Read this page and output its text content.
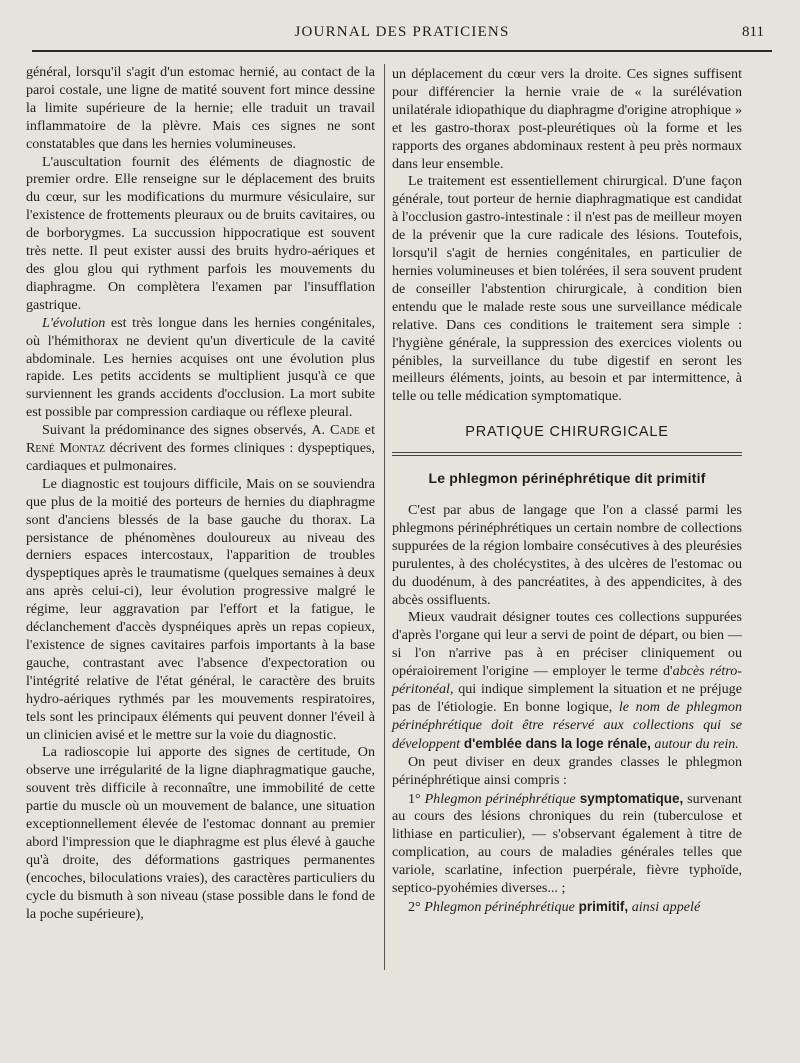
JOURNAL DES PRATICIENS	811

général, lorsqu'il s'agit d'un estomac hernié, au contact de la paroi costale, une ligne de matité souvent fort mince dessine la limite supérieure de la hernie; elle traduit un travail inflammatoire de la plèvre. Mais ces signes ne sont constatables que dans les hernies volumineuses.

L'auscultation fournit des éléments de diagnostic de premier ordre. Elle renseigne sur le déplacement des bruits du cœur, sur les modifications du murmure vésiculaire, sur l'existence de frottements pleuraux ou de bruits cavitaires, ou de borborygmes. La succussion hippocratique est souvent très nette. Il peut exister aussi des bruits hydro-aériques et des glou glou qui rythment parfois les mouvements du diaphragme. On complètera l'examen par l'insufflation gastrique.

L'évolution est très longue dans les hernies congénitales, où l'hémithorax ne devient qu'un diverticule de la cavité abdominale. Les hernies acquises ont une évolution plus rapide. Les petits accidents se multiplient jusqu'à ce que surviennent les grands accidents d'occlusion. La mort subite est possible par compression cardiaque ou réflexe pleural.

Suivant la prédominance des signes observés, A. Cade et René Montaz décrivent des formes cliniques : dyspeptiques, cardiaques et pulmonaires.

Le diagnostic est toujours difficile, Mais on se souviendra que plus de la moitié des porteurs de hernies du diaphragme sont d'anciens blessés de la base gauche du thorax. La persistance de phénomènes douloureux au niveau des derniers espaces intercostaux, l'apparition de troubles dyspeptiques après le traumatisme (quelques semaines à deux ans après celui-ci), leur évolution progressive malgré le régime, leur aggravation par l'effort et la fatigue, le déclanchement d'accès dyspnéiques après un repas copieux, l'existence de signes cavitaires parfois importants à la base gauche, contrastant avec l'absence d'expectoration ou l'intégrité relative de l'état général, le caractère des bruits hydro-aériques rythmés par les mouvements respiratoires, tels sont les principaux éléments qui peuvent donner l'éveil à un clinicien avisé et le mettre sur la voie du diagnostic.

La radioscopie lui apporte des signes de certitude, On observe une irrégularité de la ligne diaphragmatique gauche, souvent très difficile à reconnaître, une immobilité de cette partie du muscle où un mouvement de balance, une situation exceptionnellement élevée de l'estomac donnant au premier abord l'impression que le diaphragme est plus élevé à gauche qu'à droite, des déformations gastriques permanentes (encoches, biloculations vraies), des caractères particuliers du cycle du bismuth à son niveau (stase possible dans le fond de la poche supérieure),

un déplacement du cœur vers la droite. Ces signes suffisent pour différencier la hernie vraie de « la surélévation unilatérale idiopathique du diaphragme d'origine atrophique » et les gastro-thorax post-pleurétiques où la forme et les rapports des organes abdominaux restent à peu près normaux dans leur ensemble.

Le traitement est essentiellement chirurgical. D'une façon générale, tout porteur de hernie diaphragmatique est candidat à l'occlusion gastro-intestinale : il n'est pas de meilleur moyen de la prévenir que la cure radicale des lésions. Toutefois, lorsqu'il s'agit de hernies congénitales, en particulier de hernies volumineuses et bien tolérées, il sera souvent prudent de conseiller l'abstention chirurgicale, à condition bien entendu que le malade reste sous une surveillance médicale relative. Dans ces conditions le traitement sera simple : l'hygiène générale, la suppression des exercices violents ou pénibles, la surveillance du tube digestif en seront les meilleurs éléments, joints, au besoin et par intermittence, à telle ou telle médication symptomatique.

PRATIQUE CHIRURGICALE
Le phlegmon périnéphrétique dit primitif

C'est par abus de langage que l'on a classé parmi les phlegmons périnéphrétiques un certain nombre de collections suppurées de la région lombaire consécutives à des pleurésies purulentes, à des cholécystites, à des ulcères de l'estomac ou du duodénum, à des pancréatites, à des appendicites, à des abcès ossifluents.

Mieux vaudrait désigner toutes ces collections suppurées d'après l'organe qui leur a servi de point de départ, ou bien — si l'on n'arrive pas à en préciser cliniquement ou opéraioirement l'origine — employer le terme d'abcès rétro-péritonéal, qui indique simplement la situation et ne préjuge pas de l'étiologie. En bonne logique, le nom de phlegmon périnéphrétique doit être réservé aux collections qui se développent d'emblée dans la loge rénale, autour du rein.

On peut diviser en deux grandes classes le phlegmon périnéphrétique ainsi compris :

1° Phlegmon périnéphrétique symptomatique, survenant au cours des lésions chroniques du rein (tuberculose et lithiase en particulier), — s'observant également à titre de complication, au cours de maladies générales telles que variole, scarlatine, infection puerpérale, fièvre typhoïde, septico-pyohémies diverses... ;

2° Phlegmon périnéphrétique primitif, ainsi appelé
